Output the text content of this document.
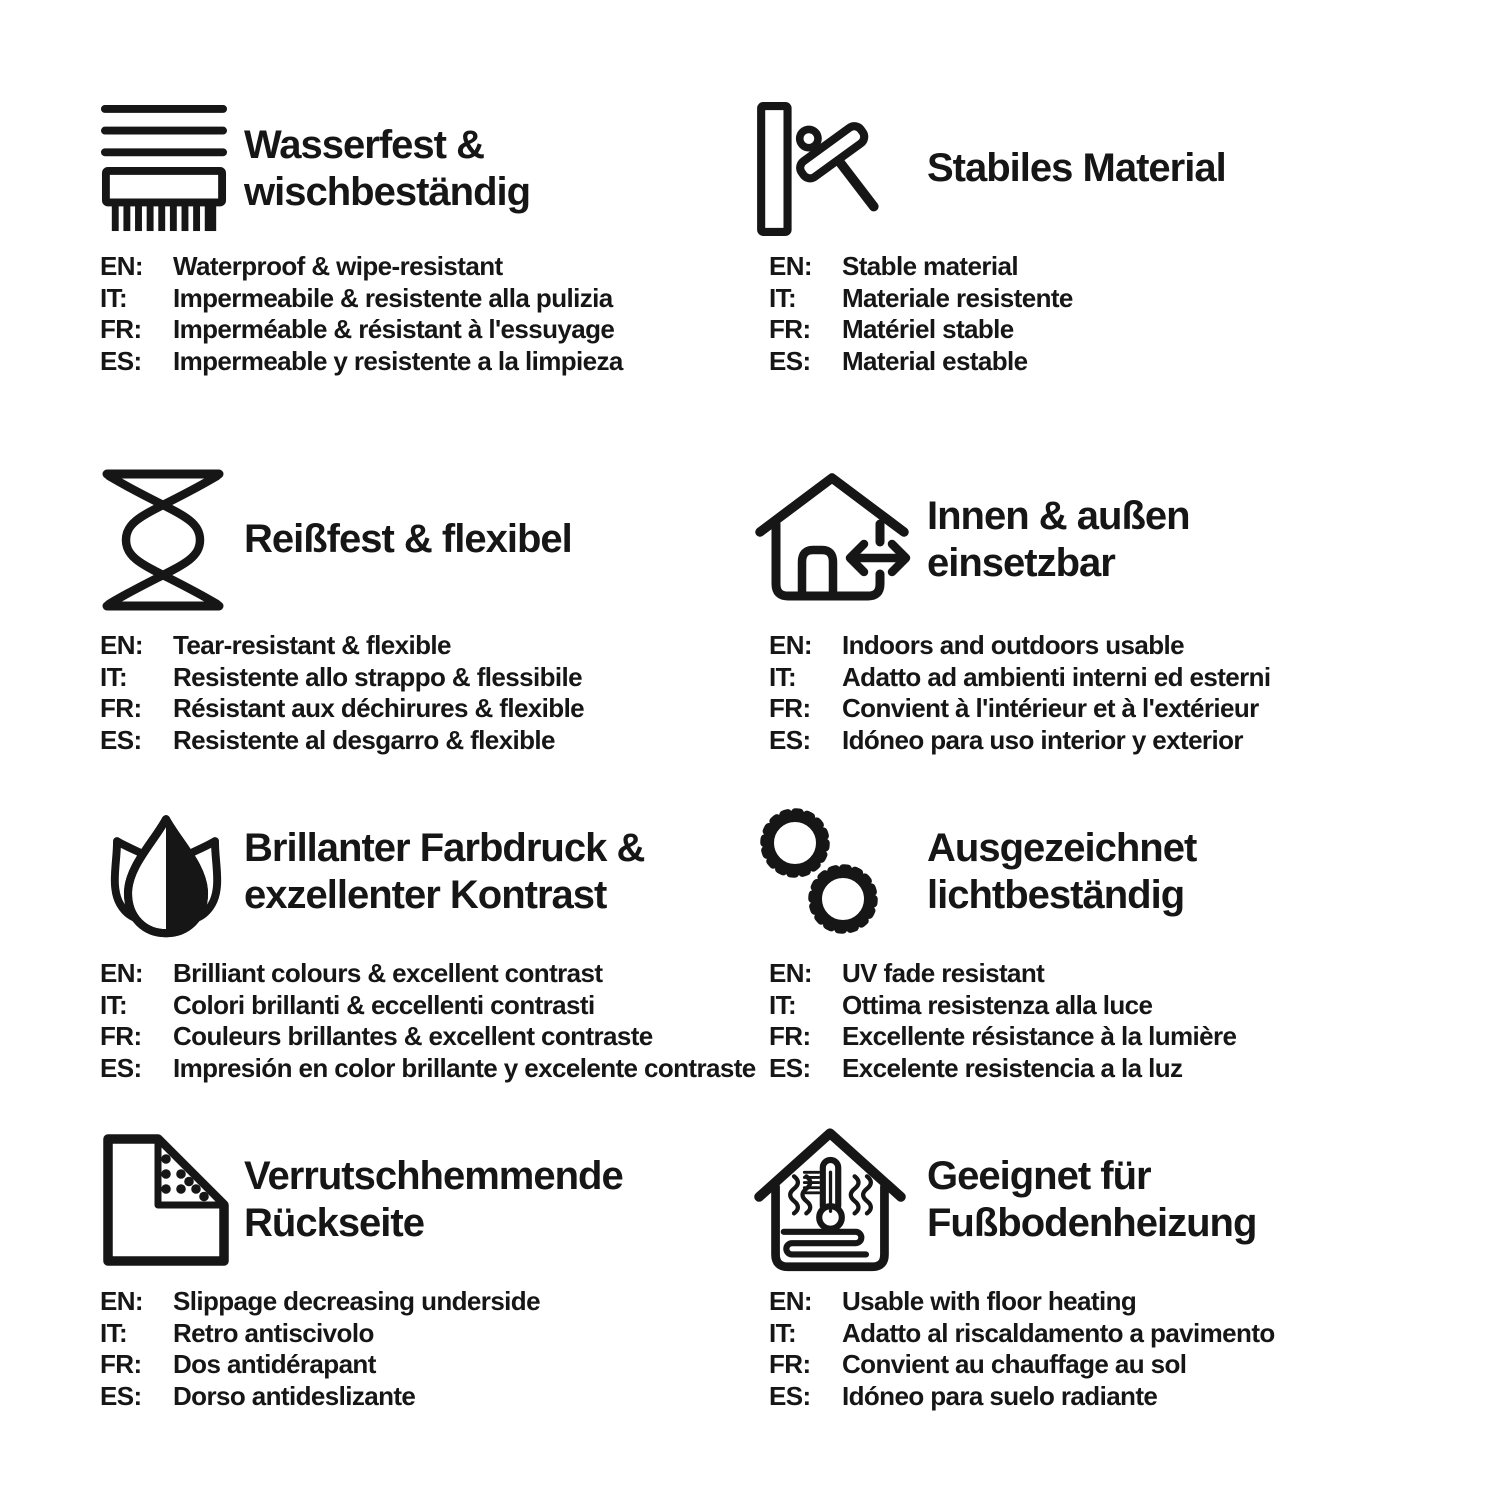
Wasserfest &
wischbeständig
EN:	Waterproof & wipe-resistant
IT:	Impermeabile & resistente alla pulizia
FR:	Imperméable & résistant à l'essuyage
ES:	Impermeable y resistente a la limpieza
Stabiles Material
EN:	Stable material
IT:	Materiale resistente
FR:	Matériel stable
ES:	Material estable
Reißfest & flexibel
EN:	Tear-resistant & flexible
IT:	Resistente allo strappo & flessibile
FR:	Résistant aux déchirures & flexible
ES:	Resistente al desgarro & flexible
Innen & außen
einsetzbar
EN:	Indoors and outdoors usable
IT:	Adatto ad ambienti interni ed esterni
FR:	Convient à l'intérieur et à l'extérieur
ES:	Idóneo para uso interior y exterior
Brillanter Farbdruck &
exzellenter Kontrast
EN:	Brilliant colours & excellent contrast
IT:	Colori brillanti & eccellenti contrasti
FR:	Couleurs brillantes & excellent contraste
ES:	Impresión en color brillante y excelente contraste
Ausgezeichnet
lichtbeständig
EN:	UV fade resistant
IT:	Ottima resistenza alla luce
FR:	Excellente résistance à la lumière
ES:	Excelente resistencia a la luz
Verrutschhemmende
Rückseite
EN:	Slippage decreasing underside
IT:	Retro antiscivolo
FR:	Dos antidérapant
ES:	Dorso antideslizante
Geeignet für
Fußbodenheizung
EN:	Usable with floor heating
IT:	Adatto al riscaldamento a pavimento
FR:	Convient au chauffage au sol
ES:	Idóneo para suelo radiante
